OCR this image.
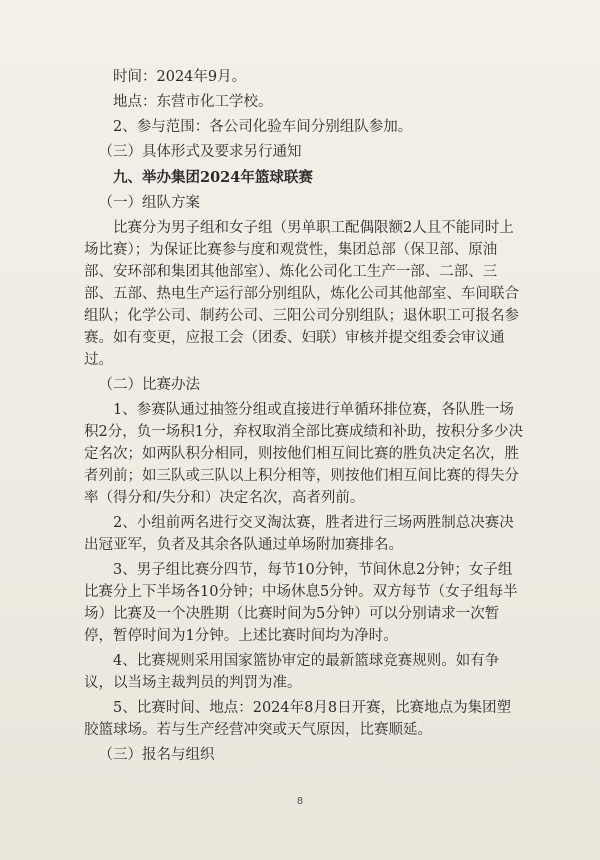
时间：2024年9月。

地点：东营市化工学校。

2、参与范围：各公司化验车间分别组队参加。

（三）具体形式及要求另行通知

九、举办集团2024年篮球联赛

（一）组队方案

比赛分为男子组和女子组（男单职工配偶限额2人且不能同时上场比赛）；为保证比赛参与度和观赏性，集团总部（保卫部、原油部、安环部和集团其他部室）、炼化公司化工生产一部、二部、三部、五部、热电生产运行部分别组队，炼化公司其他部室、车间联合组队；化学公司、制药公司、三阳公司分别组队；退休职工可报名参赛。如有变更，应报工会（团委、妇联）审核并提交组委会审议通过。

（二）比赛办法

1、参赛队通过抽签分组或直接进行单循环排位赛，各队胜一场积2分，负一场积1分，弃权取消全部比赛成绩和补助，按积分多少决定名次；如两队积分相同，则按他们相互间比赛的胜负决定名次，胜者列前；如三队或三队以上积分相等，则按他们相互间比赛的得失分率（得分和/失分和）决定名次，高者列前。

2、小组前两名进行交叉淘汰赛，胜者进行三场两胜制总决赛决出冠亚军，负者及其余各队通过单场附加赛排名。

3、男子组比赛分四节，每节10分钟，节间休息2分钟；女子组比赛分上下半场各10分钟；中场休息5分钟。双方每节（女子组每半场）比赛及一个决胜期（比赛时间为5分钟）可以分别请求一次暂停，暂停时间为1分钟。上述比赛时间均为净时。

4、比赛规则采用国家篮协审定的最新篮球竞赛规则。如有争议，以当场主裁判员的判罚为准。

5、比赛时间、地点：2024年8月8日开赛，比赛地点为集团塑胶篮球场。若与生产经营冲突或天气原因，比赛顺延。

（三）报名与组织

8
